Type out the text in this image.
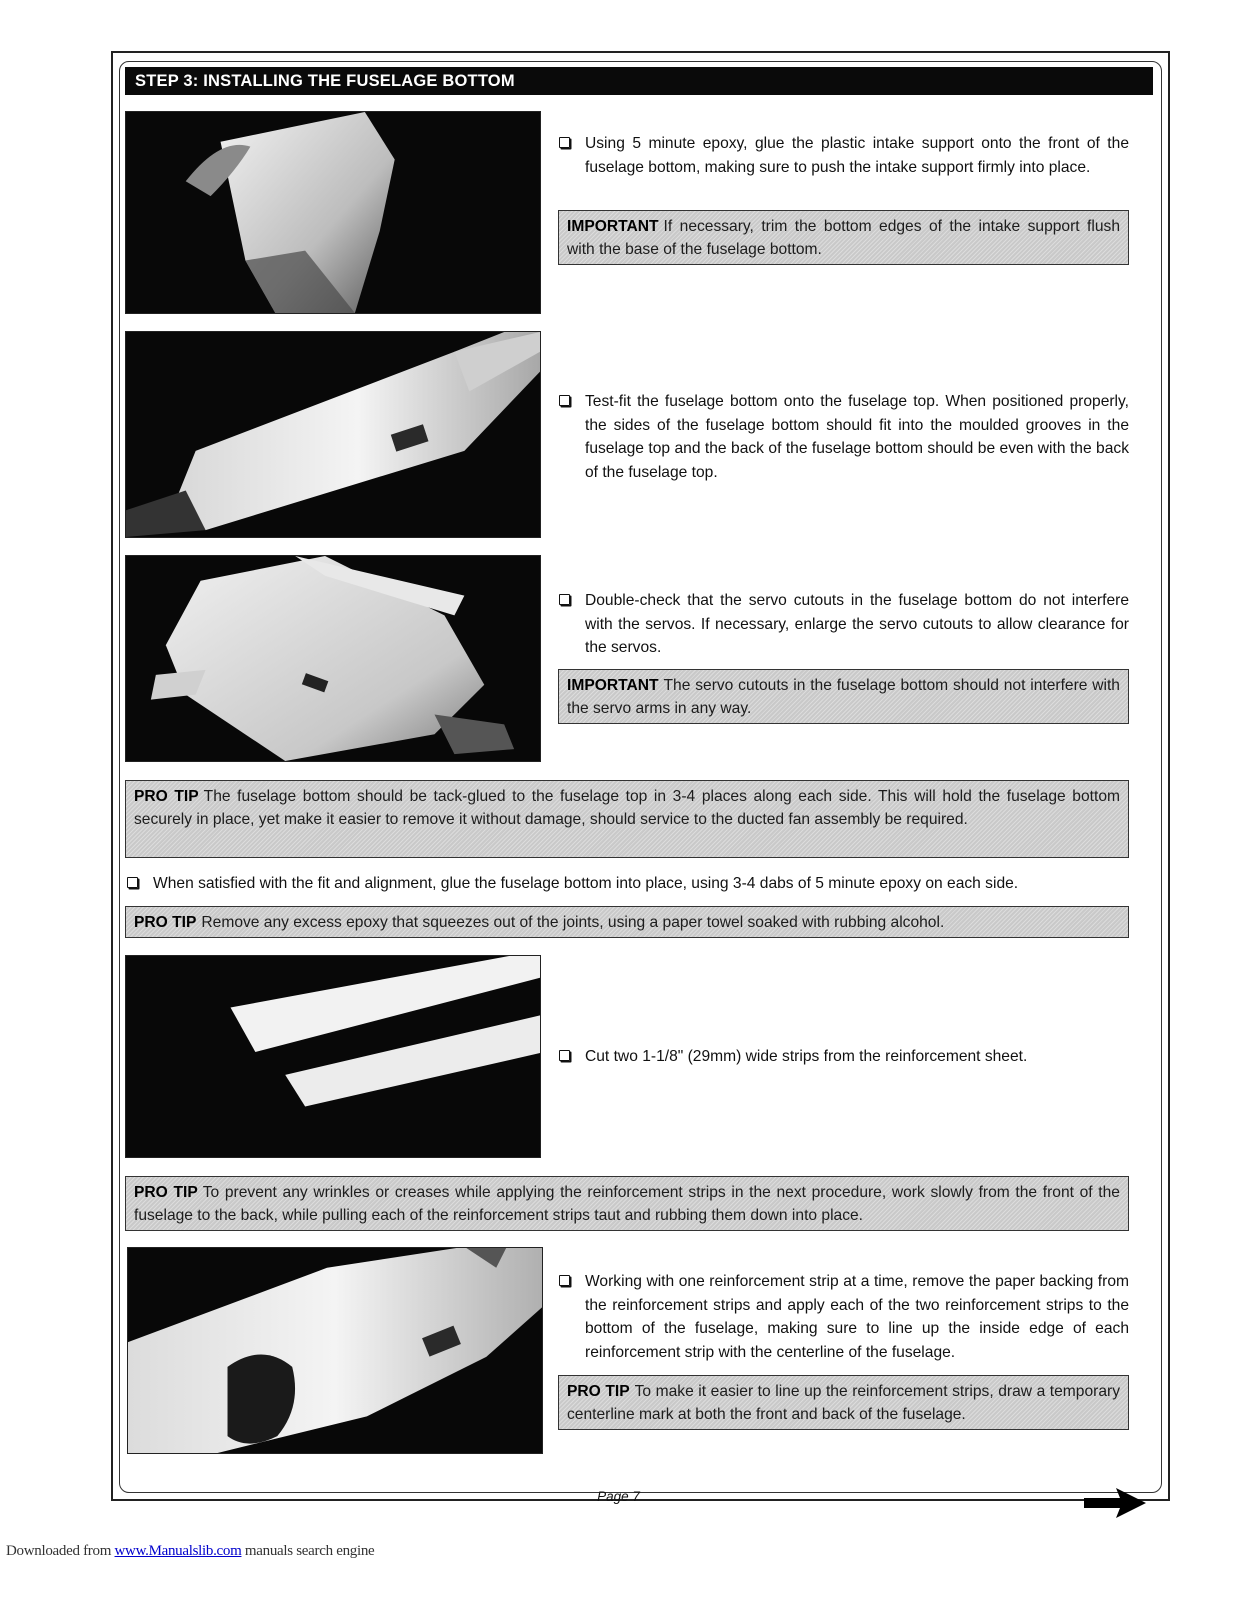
STEP 3: INSTALLING THE FUSELAGE BOTTOM
Using 5 minute epoxy, glue the plastic intake support onto the front of the fuselage bottom, making sure to push the intake support firmly into place.
IMPORTANT If necessary, trim the bottom edges of the intake support flush with the base of the fuselage bottom.
Test-fit the fuselage bottom onto the fuselage top. When positioned properly, the sides of the fuselage bottom should fit into the moulded grooves in the fuselage top and the back of the fuselage bottom should be even with the back of the fuselage top.
Double-check that the servo cutouts in the fuselage bottom do not interfere with the servos. If necessary, enlarge the servo cutouts to allow clearance for the servos.
IMPORTANT The servo cutouts in the fuselage bottom should not interfere with the servo arms in any way.
PRO TIP The fuselage bottom should be tack-glued to the fuselage top in 3-4 places along each side. This will hold the fuselage bottom securely in place, yet make it easier to remove it without damage, should service to the ducted fan assembly be required.
When satisfied with the fit and alignment, glue the fuselage bottom into place, using 3-4 dabs of 5 minute epoxy on each side.
PRO TIP Remove any excess epoxy that squeezes out of the joints, using a paper towel soaked with rubbing alcohol.
Cut two 1-1/8" (29mm) wide strips from the reinforcement sheet.
PRO TIP To prevent any wrinkles or creases while applying the reinforcement strips in the next procedure, work slowly from the front of the fuselage to the back, while pulling each of the reinforcement strips taut and rubbing them down into place.
Working with one reinforcement strip at a time, remove the paper backing from the reinforcement strips and apply each of the two reinforcement strips to the bottom of the fuselage, making sure to line up the inside edge of each reinforcement strip with the centerline of the fuselage.
PRO TIP To make it easier to line up the reinforcement strips, draw a temporary centerline mark at both the front and back of the fuselage.
Page 7
Downloaded from www.Manualslib.com manuals search engine
